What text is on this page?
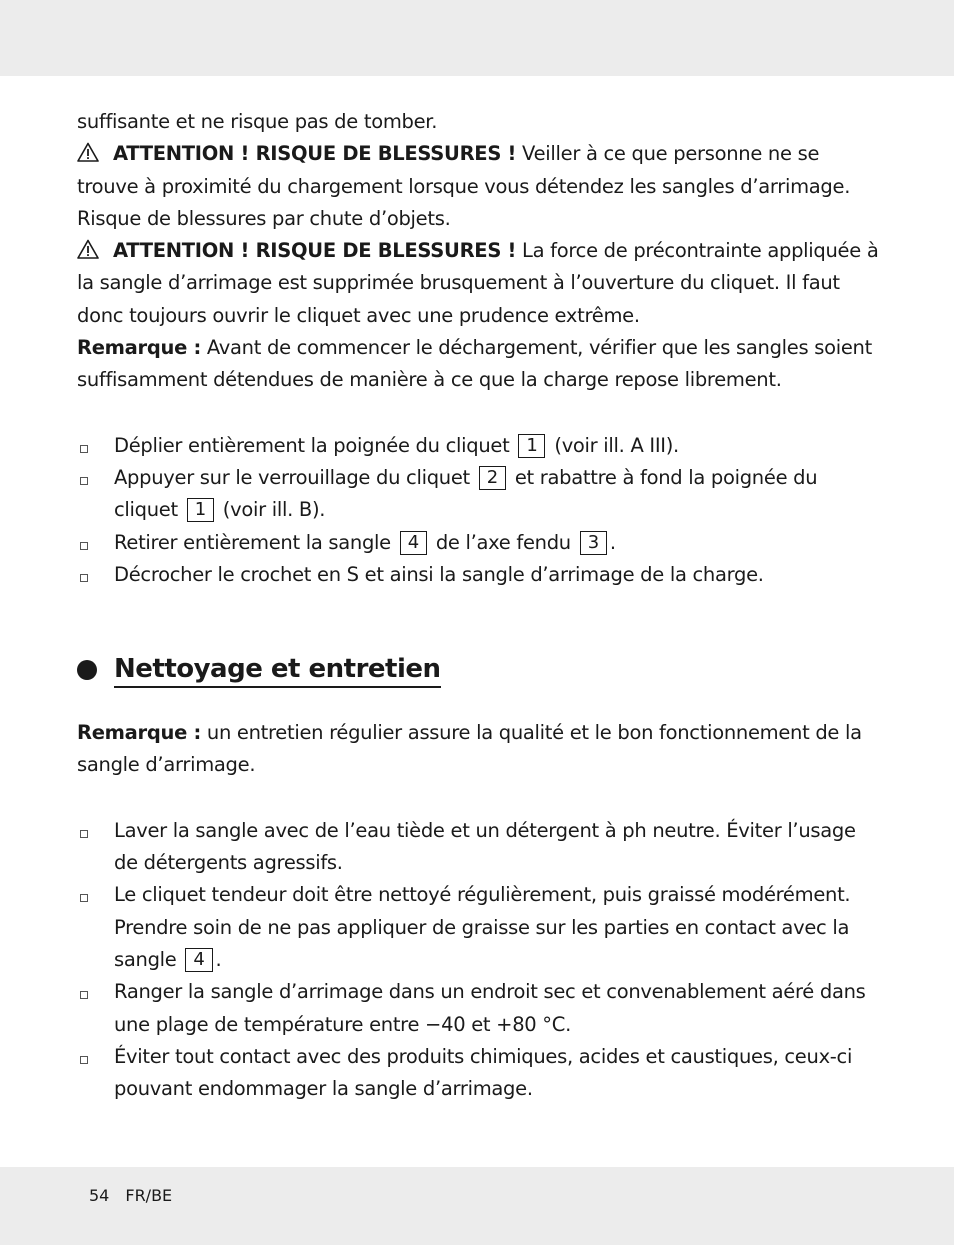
suffisante et ne risque pas de tomber.

ATTENTION ! RISQUE DE BLESSURES ! Veiller à ce que personne ne se trouve à proximité du chargement lorsque vous détendez les sangles d’arrimage. Risque de blessures par chute d’objets.

ATTENTION ! RISQUE DE BLESSURES ! La force de précontrainte appliquée à la sangle d’arrimage est supprimée brusquement à l’ouverture du cliquet. Il faut donc toujours ouvrir le cliquet avec une prudence extrême.

Remarque : Avant de commencer le déchargement, vérifier que les sangles soient suffisamment détendues de manière à ce que la charge repose librement.

Déplier entièrement la poignée du cliquet 1 (voir ill. A III).
Appuyer sur le verrouillage du cliquet 2 et rabattre à fond la poignée du cliquet 1 (voir ill. B).
Retirer entièrement la sangle 4 de l’axe fendu 3 .
Décrocher le crochet en S et ainsi la sangle d’arrimage de la charge.
Nettoyage et entretien

Remarque : un entretien régulier assure la qualité et le bon fonctionnement de la sangle d’arrimage.

Laver la sangle avec de l’eau tiède et un détergent à ph neutre. Éviter l’usage de détergents agressifs.
Le cliquet tendeur doit être nettoyé régulièrement, puis graissé modérément. Prendre soin de ne pas appliquer de graisse sur les parties en contact avec la sangle 4 .
Ranger la sangle d’arrimage dans un endroit sec et convenablement aéré dans une plage de température entre −40 et +80 °C.
Éviter tout contact avec des produits chimiques, acides et caustiques, ceux-ci pouvant endommager la sangle d’arrimage.
54 FR/BE
